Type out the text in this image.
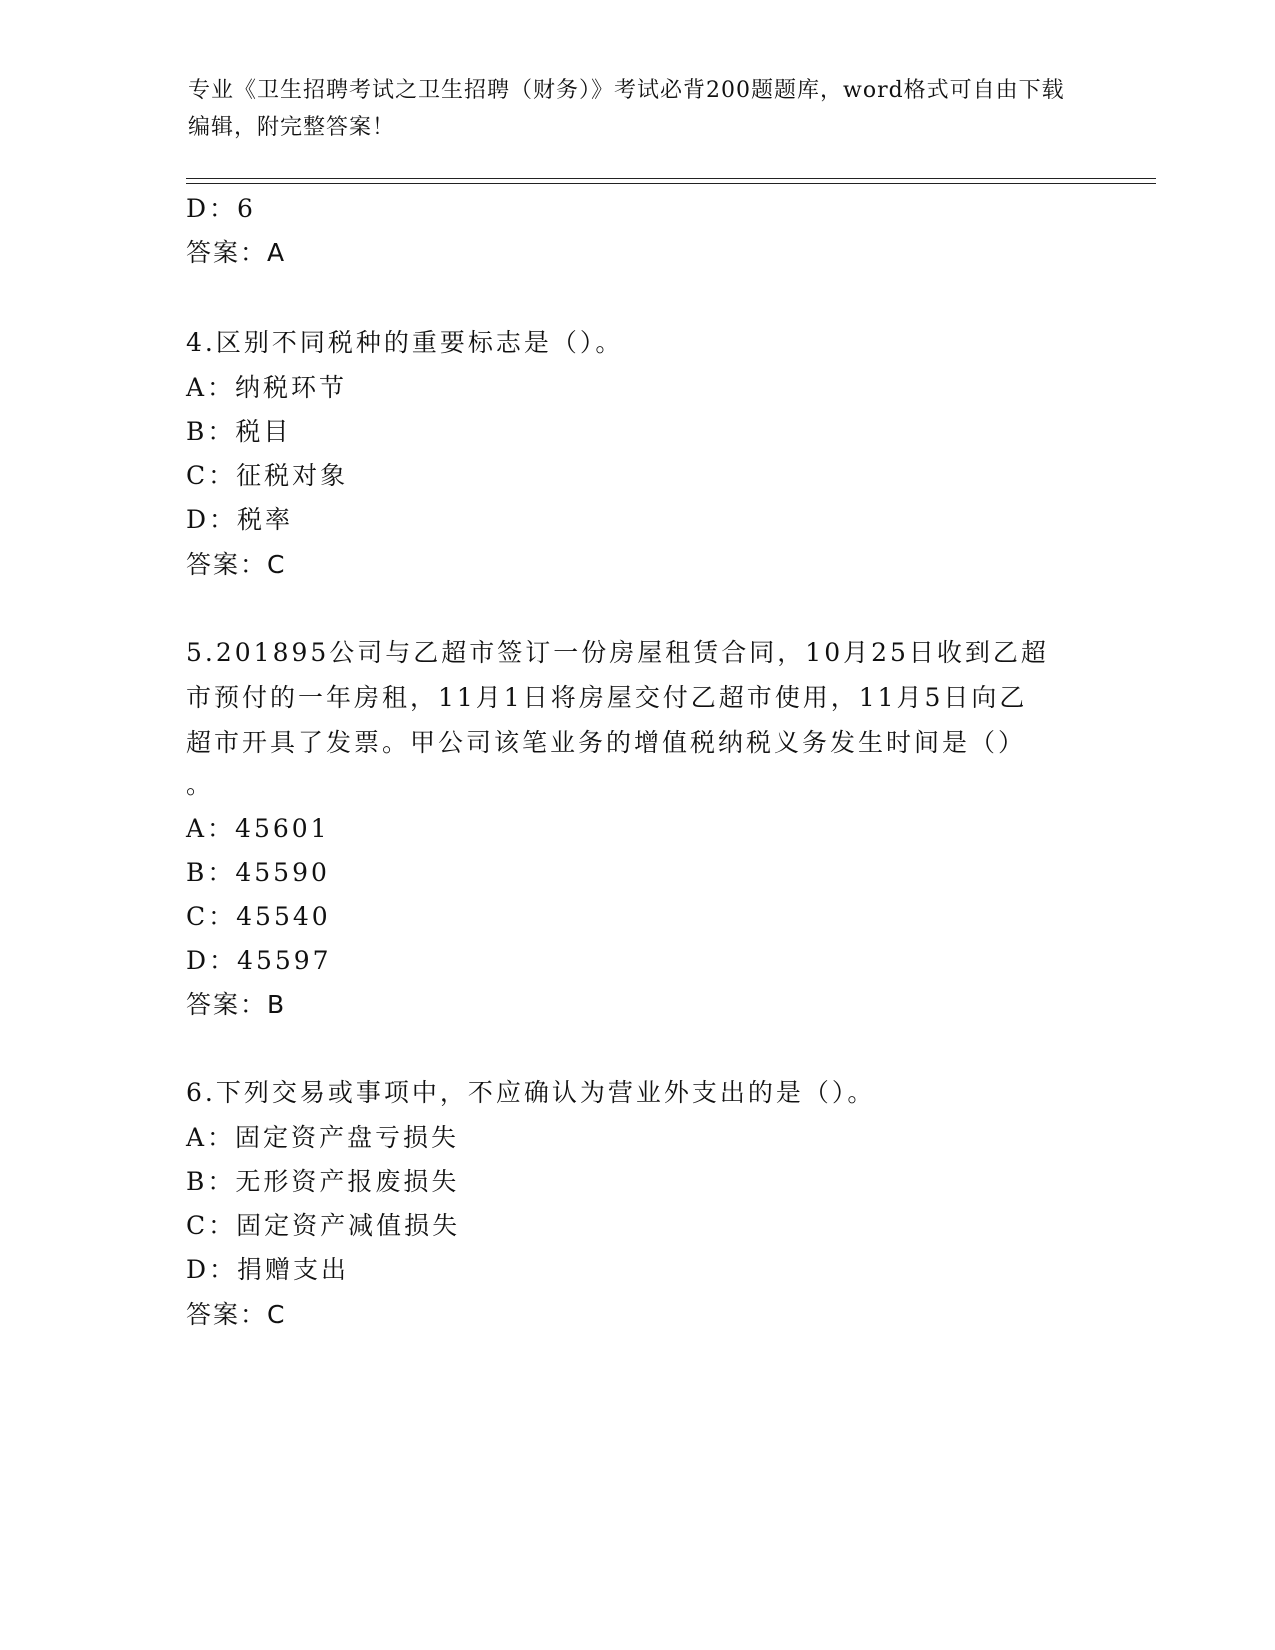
专业《卫生招聘考试之卫生招聘（财务）》考试必背200题题库，word格式可自由下载编辑，附完整答案！
D：6
答案：A
4.区别不同税种的重要标志是（）。
A：纳税环节
B：税目
C：征税对象
D：税率
答案：C
5.201895公司与乙超市签订一份房屋租赁合同，10月25日收到乙超
市预付的一年房租，11月1日将房屋交付乙超市使用，11月5日向乙
超市开具了发票。甲公司该笔业务的增值税纳税义务发生时间是（）
。
A：45601
B：45590
C：45540
D：45597
答案：B
6.下列交易或事项中，不应确认为营业外支出的是（）。
A：固定资产盘亏损失
B：无形资产报废损失
C：固定资产减值损失
D：捐赠支出
答案：C
